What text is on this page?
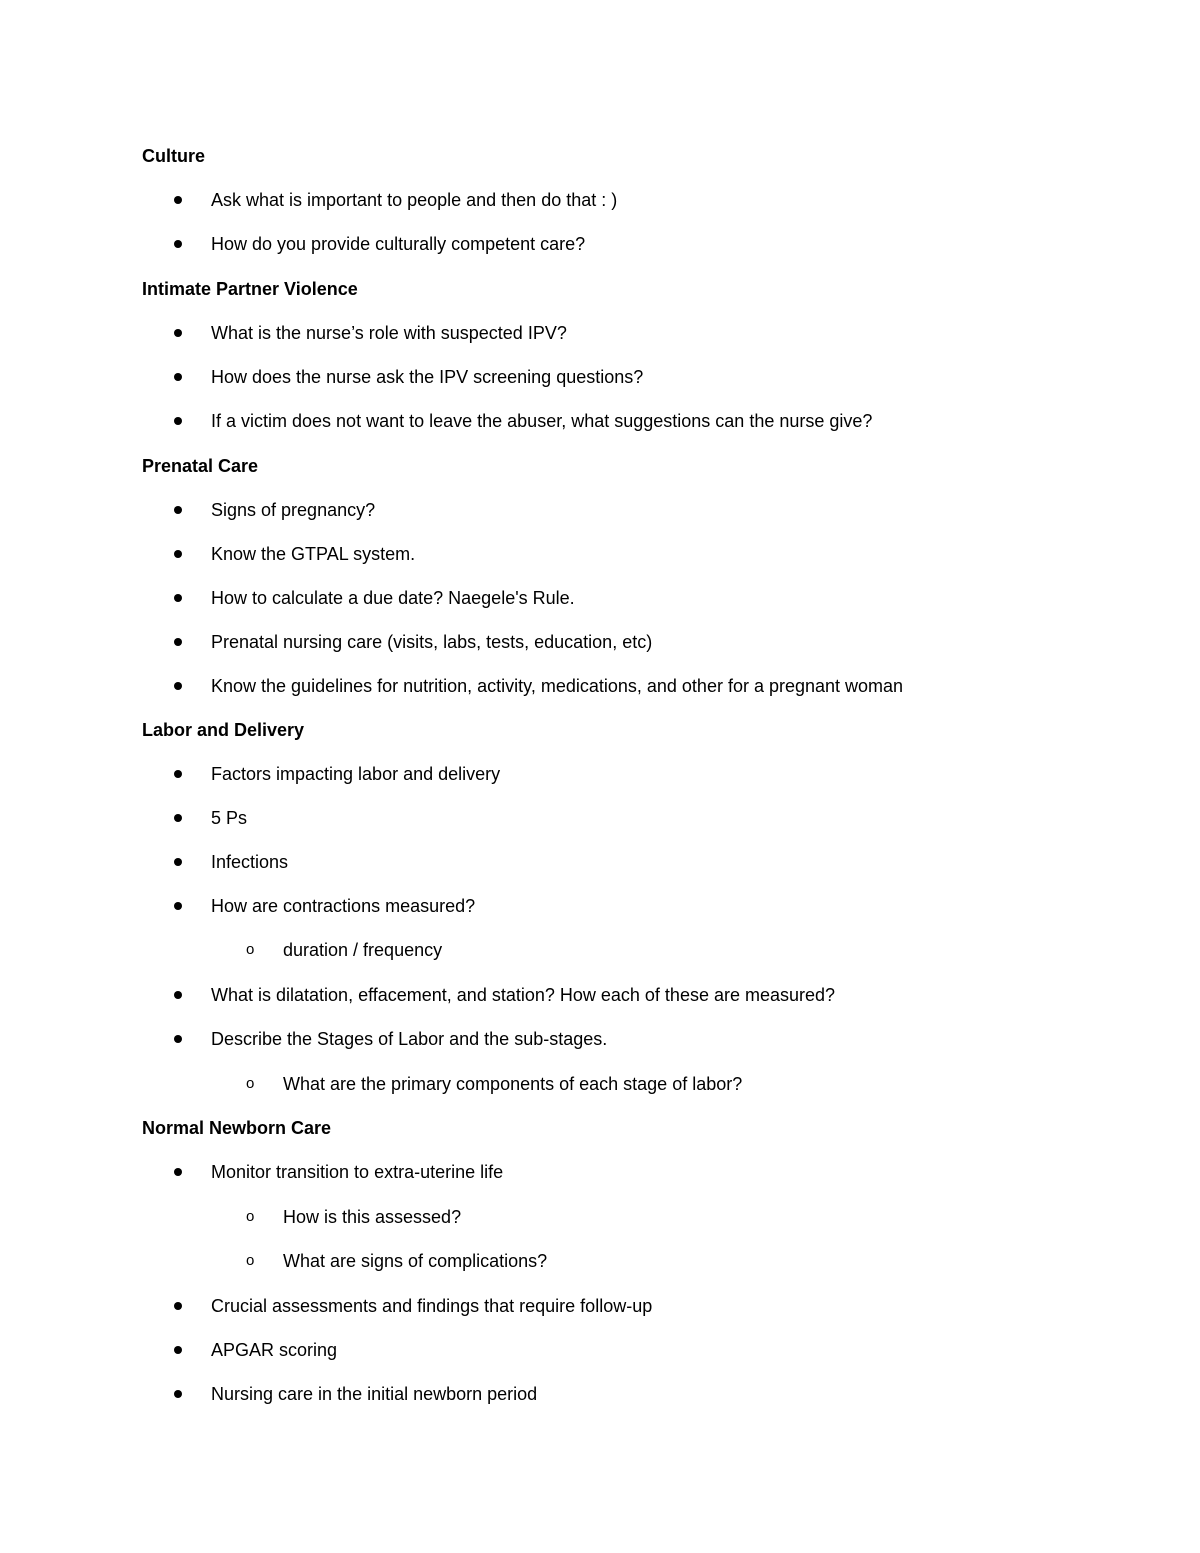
Culture
Ask what is important to people and then do that : )
How do you provide culturally competent care?
Intimate Partner Violence
What is the nurse’s role with suspected IPV?
How does the nurse ask the IPV screening questions?
If a victim does not want to leave the abuser, what suggestions can the nurse give?
Prenatal Care
Signs of pregnancy?
Know the GTPAL system.
How to calculate a due date? Naegele's Rule.
Prenatal nursing care (visits, labs, tests, education, etc)
Know the guidelines for nutrition, activity, medications, and other for a pregnant woman
Labor and Delivery
Factors impacting labor and delivery
5 Ps
Infections
How are contractions measured?
o	duration / frequency
What is dilatation, effacement, and station? How each of these are measured?
Describe the Stages of Labor and the sub-stages.
o	What are the primary components of each stage of labor?
Normal Newborn Care
Monitor transition to extra-uterine life
o	How is this assessed?
o	What are signs of complications?
Crucial assessments and findings that require follow-up
APGAR scoring
Nursing care in the initial newborn period
